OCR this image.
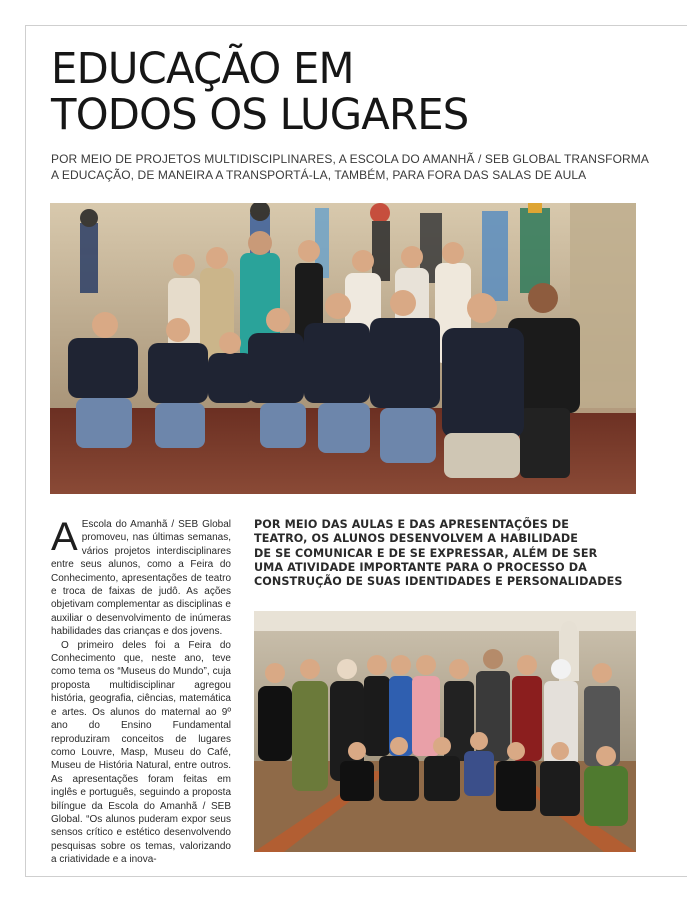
EDUCAÇÃO EM
TODOS OS LUGARES

POR MEIO DE PROJETOS MULTIDISCIPLINARES, A ESCOLA DO AMANHÃ / SEB GLOBAL TRANSFORMA
A EDUCAÇÃO, DE MANEIRA A TRANSPORTÁ-LA, TAMBÉM, PARA FORA DAS SALAS DE AULA

A Escola do Amanhã / SEB Global promoveu, nas últimas semanas, vários projetos interdisciplinares entre seus alunos, como a Feira do Conhecimento, apresentações de teatro e troca de faixas de judô. As ações objetivam complementar as disciplinas e auxiliar o desenvolvimento de inúmeras habilidades das crianças e dos jovens.

O primeiro deles foi a Feira do Conhecimento que, neste ano, teve como tema os “Museus do Mundo”, cuja proposta multidisciplinar agregou história, geografia, ciências, matemática e artes. Os alunos do maternal ao 9º ano do Ensino Fundamental reproduziram conceitos de lugares como Louvre, Masp, Museu do Café, Museu de História Natural, entre outros. As apresentações foram feitas em inglês e português, seguindo a proposta bilíngue da Escola do Amanhã / SEB Global. “Os alunos puderam expor seus sensos crítico e estético desenvolvendo pesquisas sobre os temas, valorizando a criatividade e a inova-

POR MEIO DAS AULAS E DAS APRESENTAÇÕES DE
TEATRO, OS ALUNOS DESENVOLVEM A HABILIDADE
DE SE COMUNICAR E DE SE EXPRESSAR, ALÉM DE SER
UMA ATIVIDADE IMPORTANTE PARA O PROCESSO DA
CONSTRUÇÃO DE SUAS IDENTIDADES E PERSONALIDADES
